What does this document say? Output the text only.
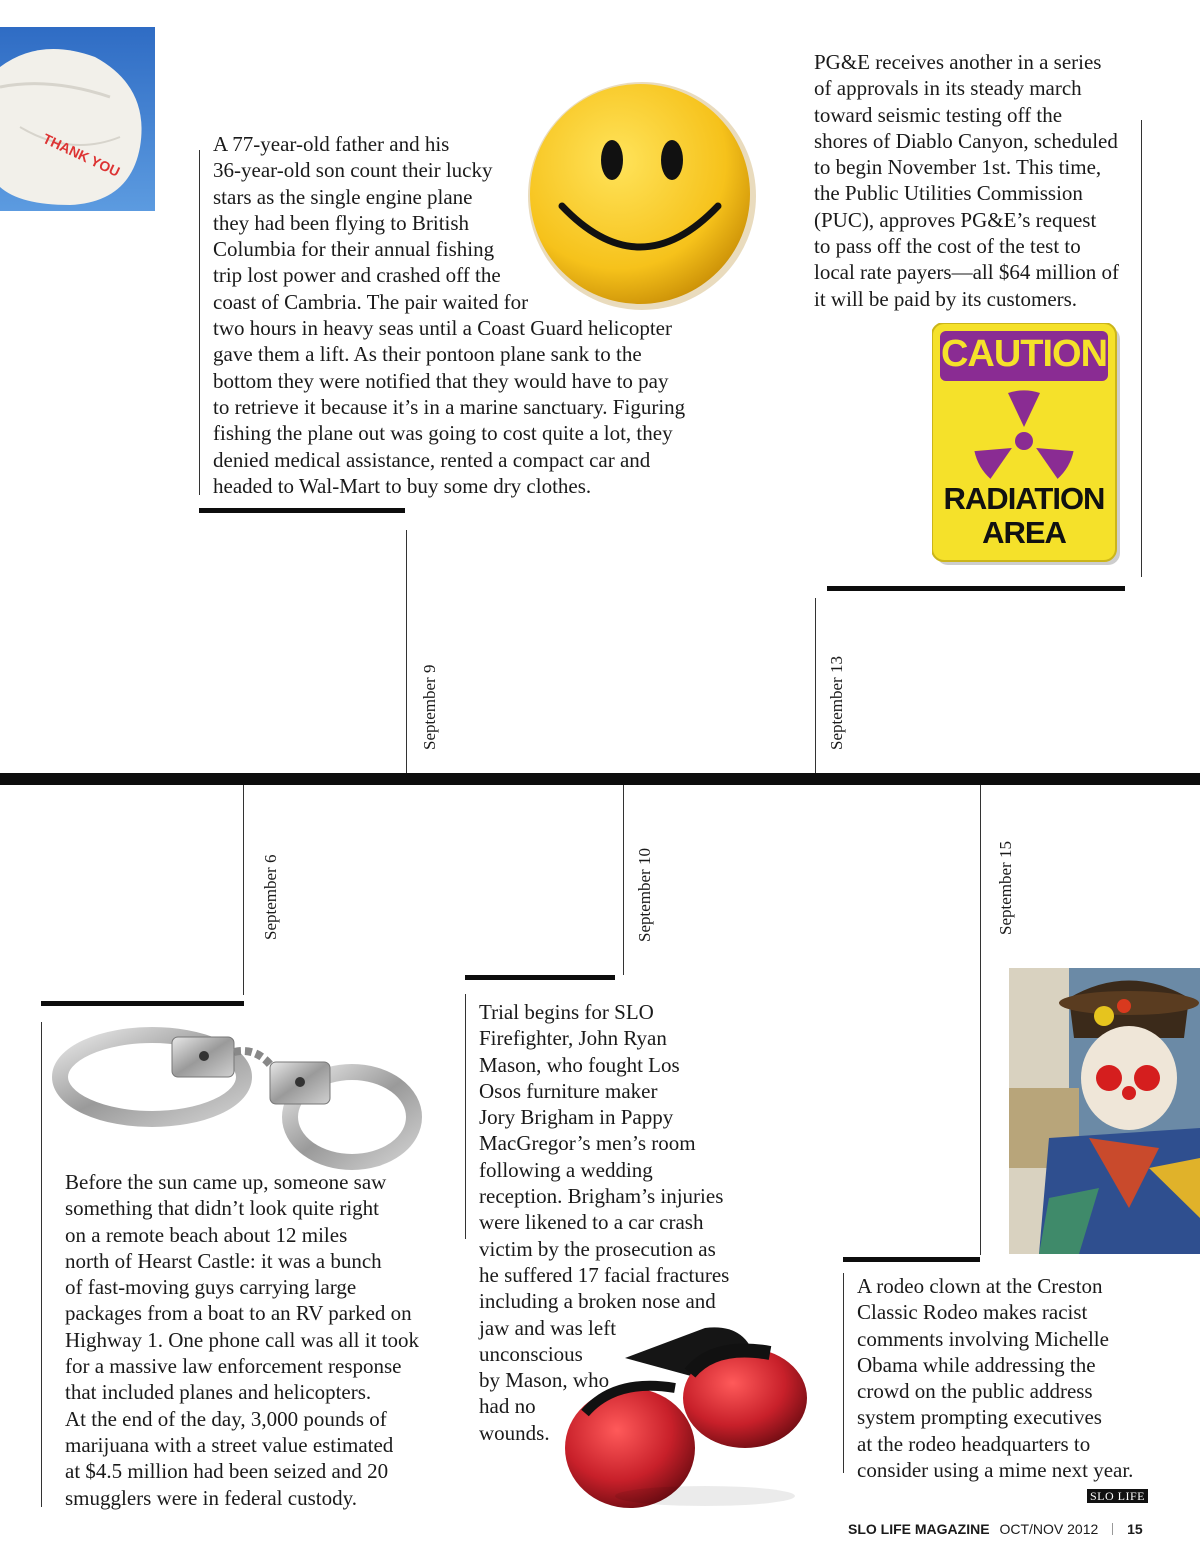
THANK YOU	A 77-year-old father and his
36-year-old son count their lucky
stars as the single engine plane
they had been flying to British
Columbia for their annual fishing
trip lost power and crashed off the
coast of Cambria. The pair waited for
two hours in heavy seas until a Coast Guard helicopter
gave them a lift. As their pontoon plane sank to the
bottom they were notified that they would have to pay
to retrieve it because it’s in a marine sanctuary. Figuring
fishing the plane out was going to cost quite a lot, they
denied medical assistance, rented a compact car and
headed to Wal-Mart to buy some dry clothes.
September 9
PG&E receives another in a series
of approvals in its steady march
toward seismic testing off the
shores of Diablo Canyon, scheduled
to begin November 1st. This time,
the Public Utilities Commission
(PUC), approves PG&E’s request
to pass off the cost of the test to
local rate payers—all $64 million of
it will be paid by its customers.
CAUTION
RADIATION
AREA
September 13
September 6
Before the sun came up, someone saw
something that didn’t look quite right
on a remote beach about 12 miles
north of Hearst Castle: it was a bunch
of fast-moving guys carrying large
packages from a boat to an RV parked on
Highway 1. One phone call was all it took
for a massive law enforcement response
that included planes and helicopters.
At the end of the day, 3,000 pounds of
marijuana with a street value estimated
at $4.5 million had been seized and 20
smugglers were in federal custody.
September 10
Trial begins for SLO
Firefighter, John Ryan
Mason, who fought Los
Osos furniture maker
Jory Brigham in Pappy
MacGregor’s men’s room
following a wedding
reception. Brigham’s injuries
were likened to a car crash
victim by the prosecution as
he suffered 17 facial fractures
including a broken nose and
jaw and was left
unconscious
by Mason, who
had no
wounds.
September 15
A rodeo clown at the Creston
Classic Rodeo makes racist
comments involving Michelle
Obama while addressing the
crowd on the public address
system prompting executives
at the rodeo headquarters to
consider using a mime next year.
SLO LIFE
SLO LIFE MAGAZINE OCT/NOV 2012 15
